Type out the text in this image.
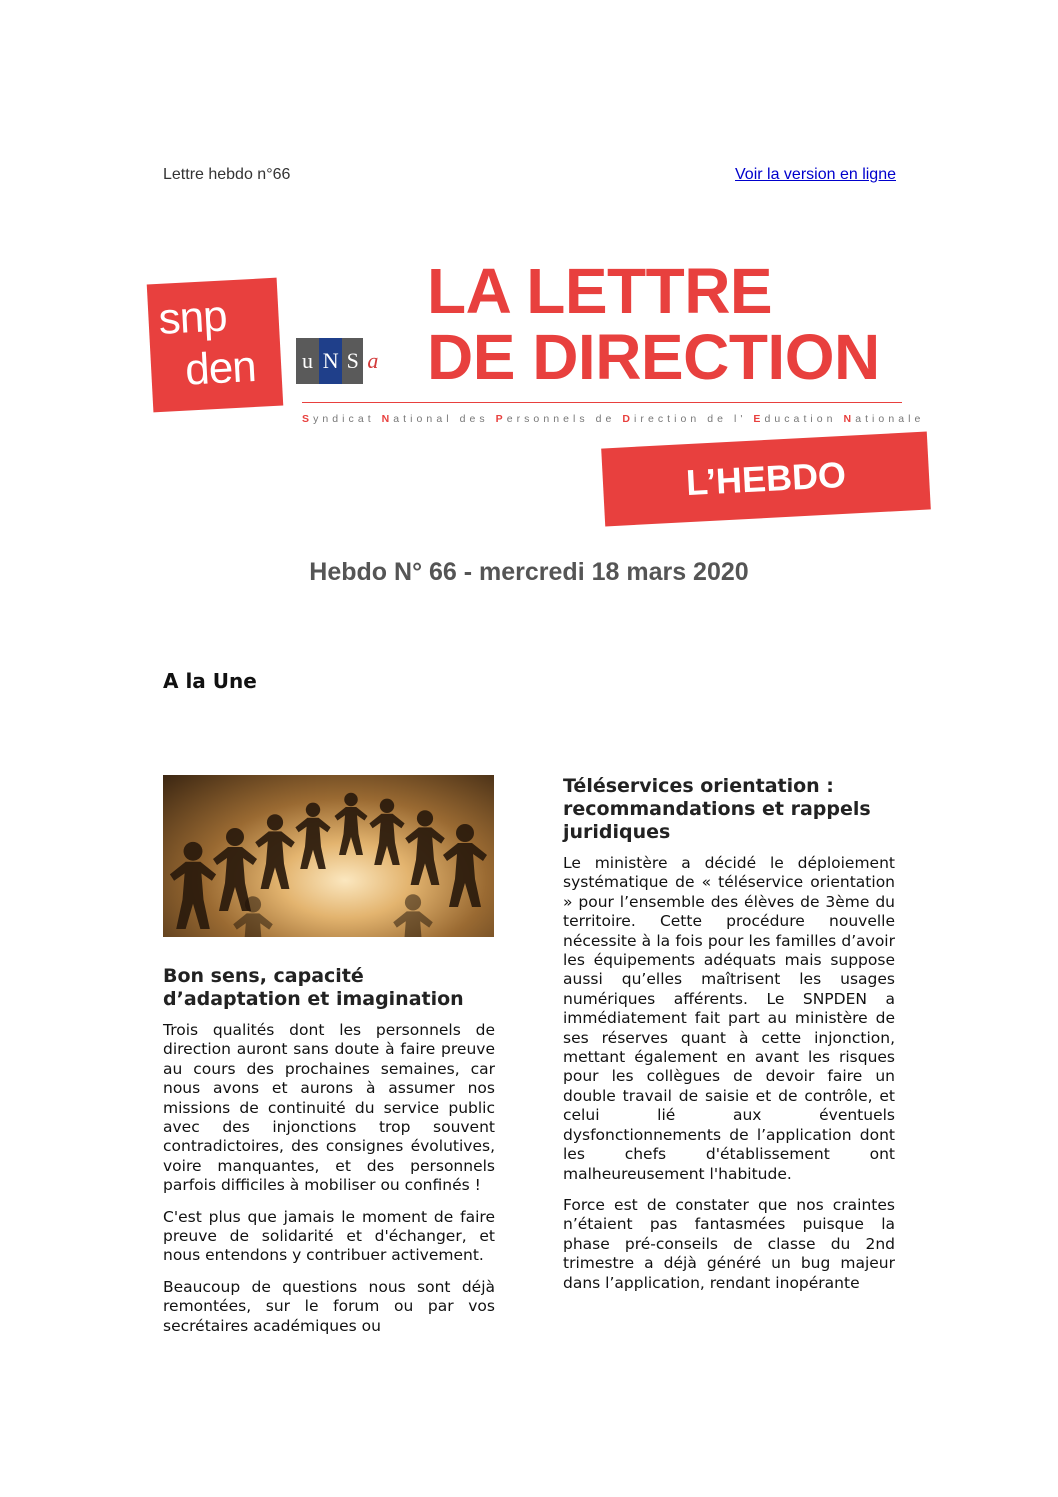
Lettre hebdo n°66	Voir la version en ligne
snp
den u N S a
LA LETTRE
DE DIRECTION
Syndicat National des Personnels de Direction de l' Education Nationale
L’HEBDO
Hebdo N° 66 - mercredi 18 mars 2020
A la Une
Bon sens, capacité d’adaptation et imagination

Trois qualités dont les personnels de direction auront sans doute à faire preuve au cours des prochaines semaines, car nous avons et aurons à assumer nos missions de continuité du service public avec des injonctions trop souvent contradictoires, des consignes évolutives, voire manquantes, et des personnels parfois difficiles à mobiliser ou confinés !

C'est plus que jamais le moment de faire preuve de solidarité et d'échanger, et nous entendons y contribuer activement.

Beaucoup de questions nous sont déjà remontées, sur le forum ou par vos secrétaires académiques ou

Téléservices orientation : recommandations et rappels juridiques

Le ministère a décidé le déploiement systématique de « téléservice orientation » pour l’ensemble des élèves de 3ème du territoire. Cette procédure nouvelle nécessite à la fois pour les familles d’avoir les équipements adéquats mais suppose aussi qu’elles maîtrisent les usages numériques afférents. Le SNPDEN a immédiatement fait part au ministère de ses réserves quant à cette injonction, mettant également en avant les risques pour les collègues de devoir faire un double travail de saisie et de contrôle, et celui lié aux éventuels dysfonctionnements de l’application dont les chefs d'établissement ont malheureusement l'habitude.

Force est de constater que nos craintes n’étaient pas fantasmées puisque la phase pré-conseils de classe du 2nd trimestre a déjà généré un bug majeur dans l’application, rendant inopérante
